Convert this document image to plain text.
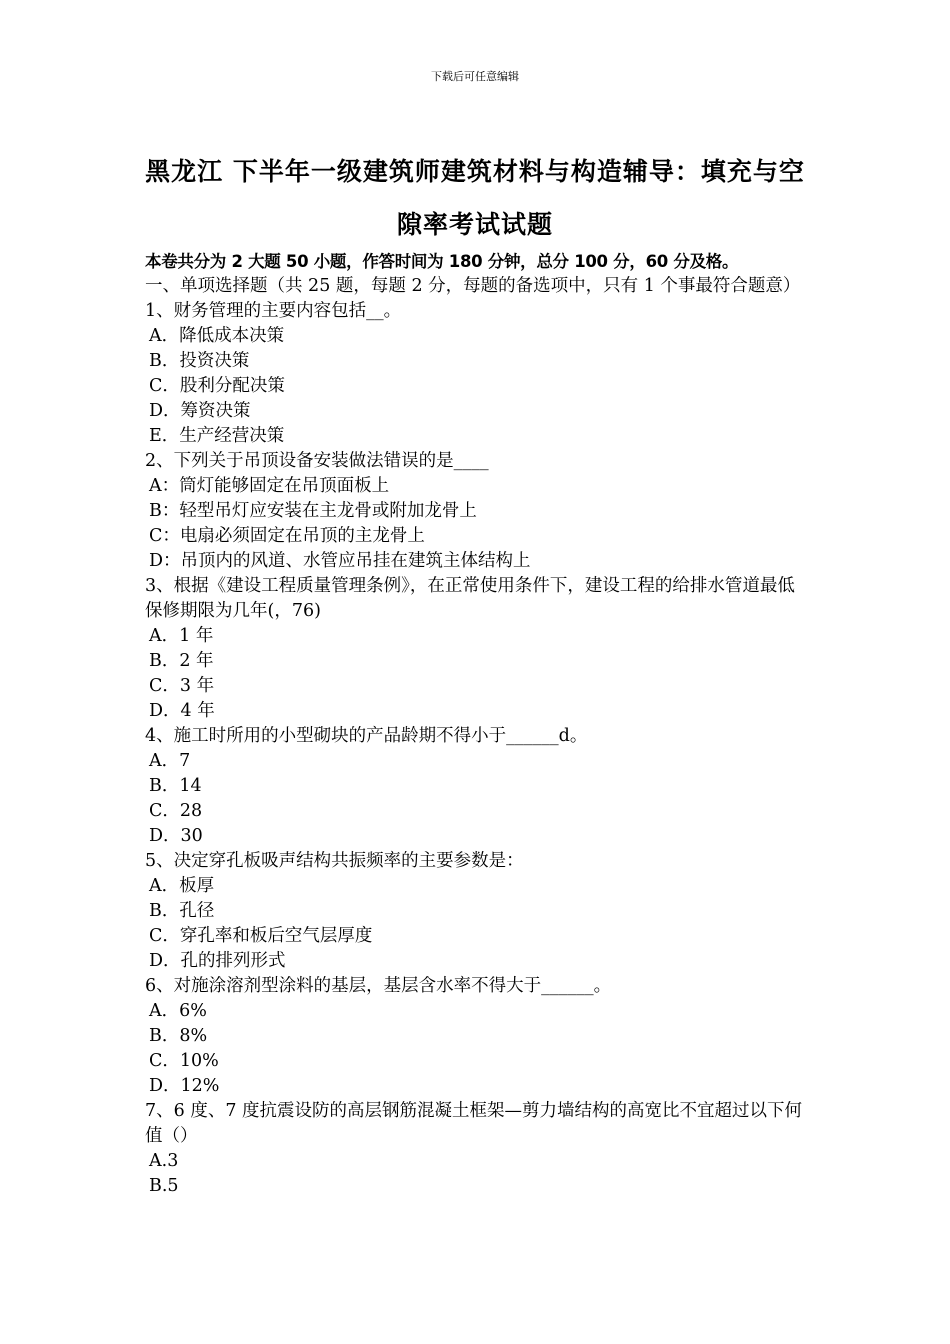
下载后可任意编辑
黑龙江 下半年一级建筑师建筑材料与构造辅导：填充与空
隙率考试试题
本卷共分为 2 大题 50 小题，作答时间为 180 分钟，总分 100 分，60 分及格。
一、单项选择题（共 25 题，每题 2 分，每题的备选项中，只有 1 个事最符合题意）
1、财务管理的主要内容包括__。
A．降低成本决策
B．投资决策
C．股利分配决策
D．筹资决策
E．生产经营决策
2、下列关于吊顶设备安装做法错误的是____
A：筒灯能够固定在吊顶面板上
B：轻型吊灯应安装在主龙骨或附加龙骨上
C：电扇必须固定在吊顶的主龙骨上
D：吊顶内的风道、水管应吊挂在建筑主体结构上
3、根据《建设工程质量管理条例》，在正常使用条件下，建设工程的给排水管道最低保修期限为几年(，76)
A．1 年
B．2 年
C．3 年
D．4 年
4、施工时所用的小型砌块的产品龄期不得小于______d。
A．7
B．14
C．28
D．30
5、决定穿孔板吸声结构共振频率的主要参数是：
A．板厚
B．孔径
C．穿孔率和板后空气层厚度
D．孔的排列形式
6、对施涂溶剂型涂料的基层，基层含水率不得大于______。
A．6%
B．8%
C．10%
D．12%
7、6 度、7 度抗震设防的高层钢筋混凝土框架—剪力墙结构的高宽比不宜超过以下何值（）
A.3
B.5
